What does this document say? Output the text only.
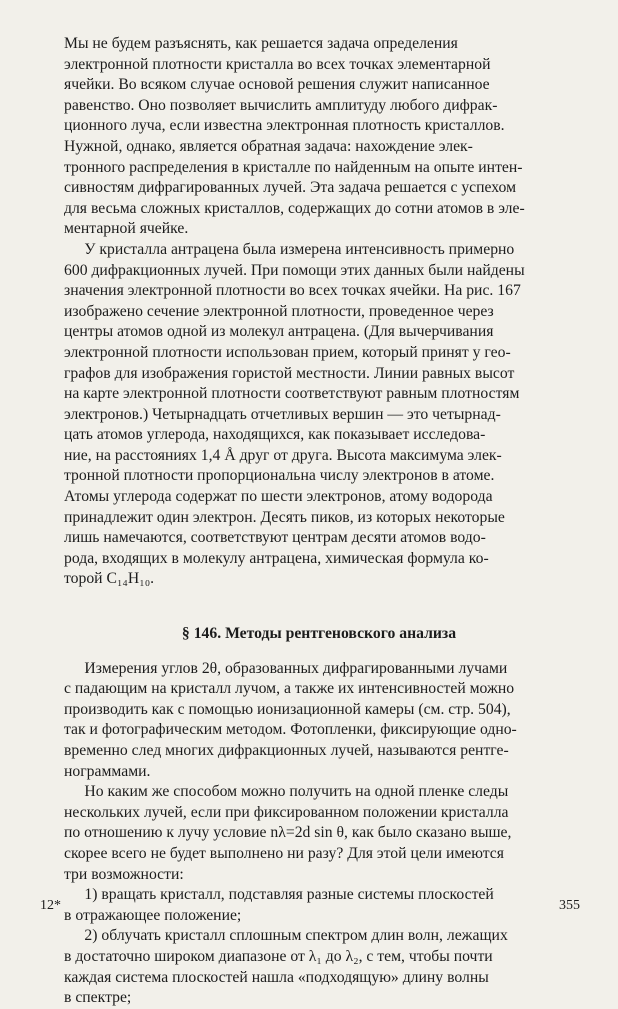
Мы не будем разъяснять, как решается задача определения
электронной плотности кристалла во всех точках элементарной
ячейки. Во всяком случае основой решения служит написанное
равенство. Оно позволяет вычислить амплитуду любого дифрак-
ционного луча, если известна электронная плотность кристаллов.
Нужной, однако, является обратная задача: нахождение элек-
тронного распределения в кристалле по найденным на опыте интен-
сивностям дифрагированных лучей. Эта задача решается с успехом
для весьма сложных кристаллов, содержащих до сотни атомов в эле-
ментарной ячейке.

У кристалла антрацена была измерена интенсивность примерно
600 дифракционных лучей. При помощи этих данных были найдены
значения электронной плотности во всех точках ячейки. На рис. 167
изображено сечение электронной плотности, проведенное через
центры атомов одной из молекул антрацена. (Для вычерчивания
электронной плотности использован прием, который принят у гео-
графов для изображения гористой местности. Линии равных высот
на карте электронной плотности соответствуют равным плотностям
электронов.) Четырнадцать отчетливых вершин — это четырнад-
цать атомов углерода, находящихся, как показывает исследова-
ние, на расстояниях 1,4 Å друг от друга. Высота максимума элек-
тронной плотности пропорциональна числу электронов в атоме.
Атомы углерода содержат по шести электронов, атому водорода
принадлежит один электрон. Десять пиков, из которых некоторые
лишь намечаются, соответствуют центрам десяти атомов водо-
рода, входящих в молекулу антрацена, химическая формула ко-
торой C₁₄H₁₀.

§ 146. Методы рентгеновского анализа

Измерения углов 2θ, образованных дифрагированными лучами
с падающим на кристалл лучом, а также их интенсивностей можно
производить как с помощью ионизационной камеры (см. стр. 504),
так и фотографическим методом. Фотопленки, фиксирующие одно-
временно след многих дифракционных лучей, называются рентге-
нограммами.

Но каким же способом можно получить на одной пленке следы
нескольких лучей, если при фиксированном положении кристалла
по отношению к лучу условие nλ=2d sin θ, как было сказано выше,
скорее всего не будет выполнено ни разу? Для этой цели имеются
три возможности:

1) вращать кристалл, подставляя разные системы плоскостей
в отражающее положение;

2) облучать кристалл сплошным спектром длин волн, лежащих
в достаточно широком диапазоне от λ₁ до λ₂, с тем, чтобы почти
каждая система плоскостей нашла «подходящую» длину волны
в спектре;

12*	355
